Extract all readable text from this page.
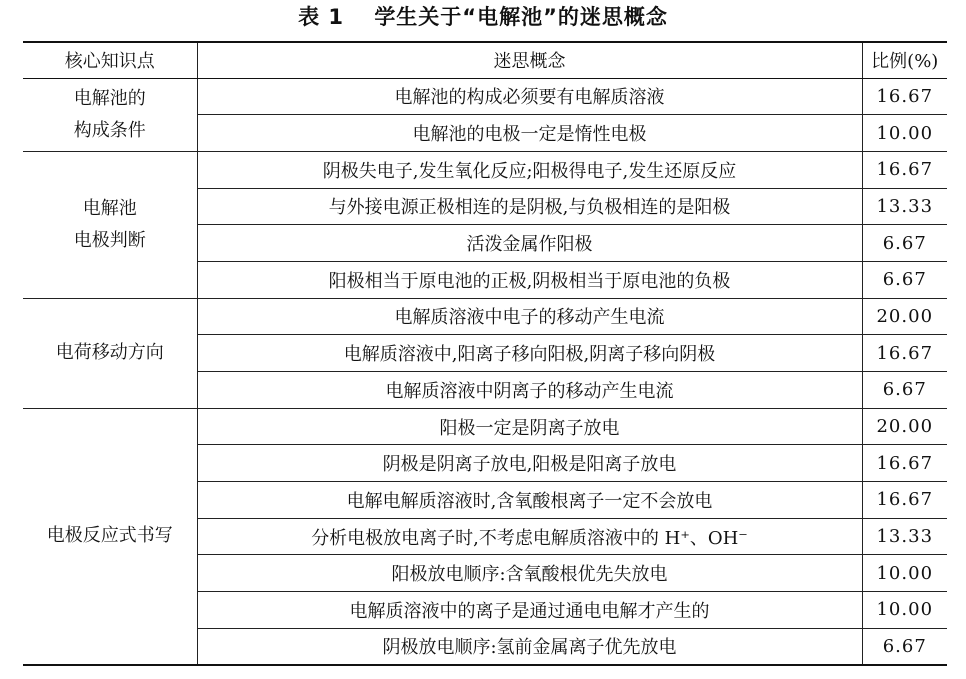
表 1 学生关于“电解池”的迷思概念
核心知识点	迷思概念	比例(%)

电解池的
构成条件	电解池的构成必须要有电解质溶液	16.67
	电解池的电极一定是惰性电极	10.00

电解池
电极判断	阴极失电子,发生氧化反应;阳极得电子,发生还原反应	16.67
	与外接电源正极相连的是阴极,与负极相连的是阳极	13.33
	活泼金属作阳极	6.67
	阳极相当于原电池的正极,阴极相当于原电池的负极	6.67

电荷移动方向	电解质溶液中电子的移动产生电流	20.00
	电解质溶液中,阳离子移向阳极,阴离子移向阴极	16.67
	电解质溶液中阴离子的移动产生电流	6.67

电极反应式书写	阳极一定是阴离子放电	20.00
	阴极是阴离子放电,阳极是阳离子放电	16.67
	电解电解质溶液时,含氧酸根离子一定不会放电	16.67
	分析电极放电离子时,不考虑电解质溶液中的 H⁺、OH⁻	13.33
	阳极放电顺序:含氧酸根优先失放电	10.00
	电解质溶液中的离子是通过通电电解才产生的	10.00
	阴极放电顺序:氢前金属离子优先放电	6.67
